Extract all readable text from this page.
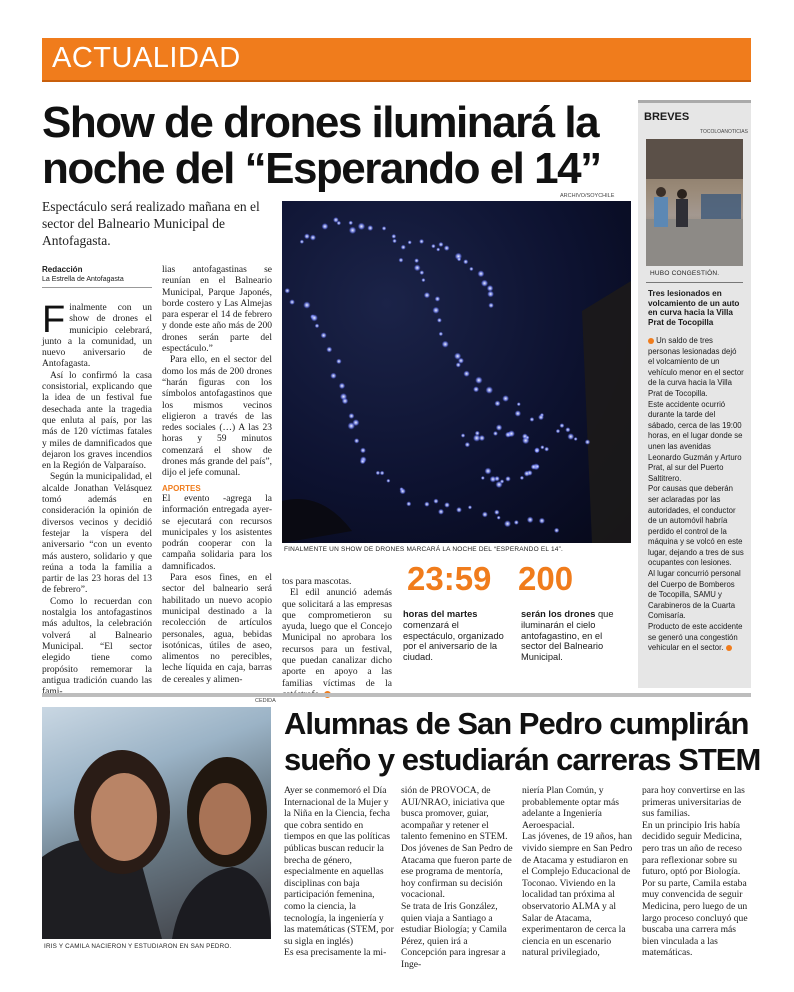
ACTUALIDAD
Show de drones iluminará la
noche del “Esperando el 14”
Espectáculo será realizado mañana en el sector del Balneario Municipal de Antofagasta.
Redacción
La Estrella de Antofagasta
F inalmente con un show de drones el municipio celebrará, junto a la comunidad, un nuevo aniversario de Antofagasta.

Así lo confirmó la casa consistorial, explicando que la idea de un festival fue desechada ante la tragedia que enluta al país, por las más de 120 víctimas fatales y miles de damnificados que dejaron los graves incendios en la Región de Valparaíso.

Según la municipalidad, el alcalde Jonathan Velásquez tomó además en consideración la opinión de diversos vecinos y decidió festejar la víspera del aniversario “con un evento más austero, solidario y que reúna a toda la familia a partir de las 23 horas del 13 de febrero”.

Como lo recuerdan con nostalgia los antofagastinos más adultos, la celebración volverá al Balneario Municipal. “El sector elegido tiene como propósito rememorar la antigua tradición cuando las

lias antofagastinas se reunían en el Balneario Municipal, Parque Japonés, borde costero y Las Almejas para esperar el 14 de febrero y donde este año más de 200 drones serán parte del espectáculo.”

Para ello, en el sector del domo los más de 200 drones “harán figuras con los símbolos antofagastinos que los mismos vecinos eligieron a través de las redes sociales (…) A las 23 horas y 59 minutos comenzará el show de drones más grande del país”, dijo el jefe comunal.

APORTES

El evento -agrega la información entregada ayer- se ejecutará con recursos municipales y los asistentes podrán cooperar con la campaña solidaria para los damnificados.

Para esos fines, en el sector del balneario será habilitado un nuevo acopio municipal destinado a la recolección de artículos personales, agua, bebidas isotónicas, útiles de aseo, alimentos no perecibles, leche líquida en caja, barras de cereales y alimen-

ARCHIVO/SOYCHILE
FINALMENTE UN SHOW DE DRONES MARCARÁ LA NOCHE DEL “ESPERANDO EL 14”.

tos para mascotas.

El edil anunció además que solicitará a las empresas que comprometieron su ayuda, luego que el Concejo Municipal no aprobara los recursos para un festival, que puedan canalizar dicho aporte en apoyo a las familias víctimas de la

23:59
horas del martes comenzará el espectáculo, organizado por el aniversario de la ciudad.
200
serán los drones que iluminarán el cielo antofagastino, en el sector del Balneario Municipal.
BREVES
TOCOLOANOTICIAS
HUBO CONGESTIÓN.
Tres lesionados en volcamiento de un auto en curva hacia la Villa Prat de Tocopilla
Un saldo de tres personas lesionadas dejó el volcamiento de un vehículo menor en el sector de la curva hacia la Villa Prat de Tocopilla.
Este accidente ocurrió durante la tarde del sábado, cerca de las 19:00 horas, en el lugar donde se unen las avenidas Leonardo Guzmán y Arturo Prat, al sur del Puerto Saltitrero.
Por causas que deberán ser aclaradas por las autoridades, el conductor de un automóvil habría perdido el control de la máquina y se volcó en este lugar, dejando a tres de sus ocupantes con lesiones.
Al lugar concurrió personal del Cuerpo de Bomberos de Tocopilla, SAMU y Carabineros de la Cuarta Comisaría.
Producto de este accidente se generó una congestión vehicular en el sector.
CEDIDA
IRIS Y CAMILA NACIERON Y ESTUDIARON EN SAN PEDRO.
Alumnas de San Pedro cumplirán
sueño y estudiarán carreras STEM

Ayer se conmemoró el Día Internacional de la Mujer y la Niña en la Ciencia, fecha que cobra sentido en tiempos en que las políticas públicas buscan reducir la brecha de género, especialmente en aquellas disciplinas con baja participación femenina, como la ciencia, la tecnología, la ingeniería y las matemáticas (STEM, por su sigla en inglés)

Es esa precisamente la mi-

sión de PROVOCA, de AUI/NRAO, iniciativa que busca promover, guiar, acompañar y retener el talento femenino en STEM. Dos jóvenes de San Pedro de Atacama que fueron parte de ese programa de mentoría, hoy confirman su decisión vocacional.

Se trata de Iris González, quien viaja a Santiago a estudiar Biología; y Camila Pérez, quien irá a Concepción para ingresar a Inge-

niería Plan Común, y probablemente optar más adelante a Ingeniería Aeroespacial.

Las jóvenes, de 19 años, han vivido siempre en San Pedro de Atacama y estudiaron en el Complejo Educacional de Toconao. Viviendo en la localidad tan próxima al observatorio ALMA y al Salar de Atacama, experimentaron de cerca la ciencia en un escenario natural privilegiado,

para hoy convertirse en las primeras universitarias de sus familias.

En un principio Iris había decidido seguir Medicina, pero tras un año de receso para reflexionar sobre su futuro, optó por Biología.

Por su parte, Camila estaba muy convencida de seguir Medicina, pero luego de un largo proceso concluyó que buscaba una carrera más bien vinculada a las matemáticas.
